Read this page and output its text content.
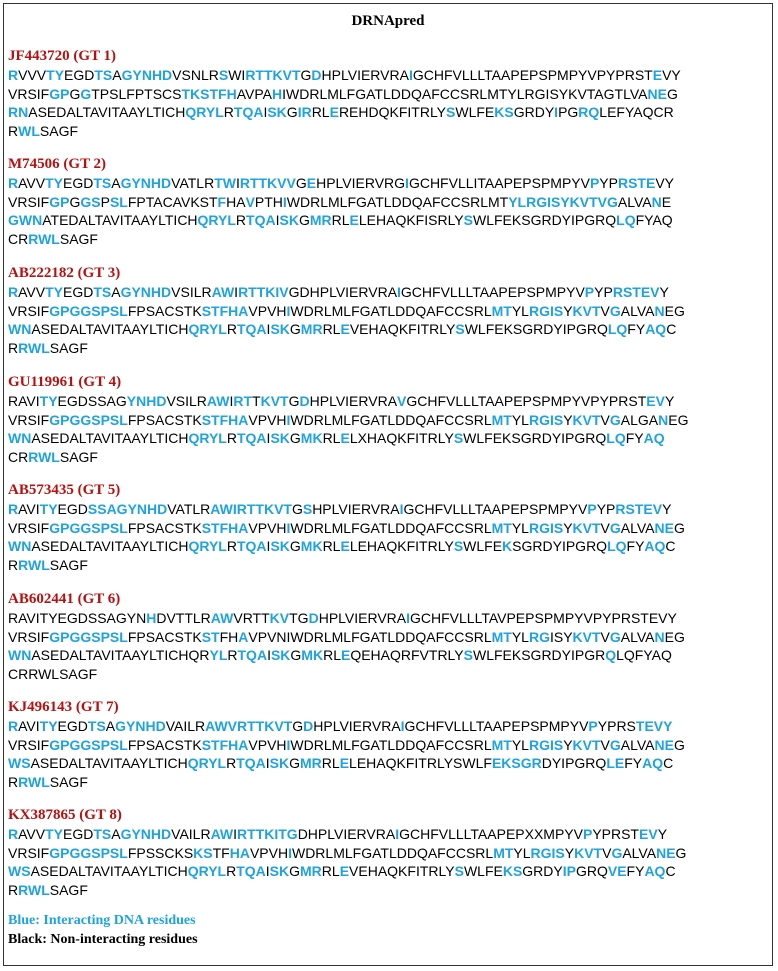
DRNApred
JF443720 (GT 1)
RVVVTYEGDTSAGYNHDVSNLRSWIRTTKVTGDHPLVIERVRAIGCHFVLLLTAAPEPSPMPYVPYPRSTEVY
VRSIFGPGGTPSLFPTSCSTKSTFHAVPAHIWDRLMLFGATLDDQAFCCSRLMTYLRGISYKVTAGTLVANEG
RNASEDALTAVITAAYLTICHQRYLRTQAISKGIRRLEREHDQKFITRLYSWLFEKSGRDYIPGRQLEFYAQCR
RWLSAGF
M74506 (GT 2)
RAVVTYEGDTSAGYNHDVATLRTWIRTTKVVGEHPLVIERVRGIGCHFVLLITAAPEPSPMPYVPYPRSTEVY
VRSIFGPGGSPSLFPTACAVKSTFHAVPTHIWDRLMLFGATLDDQAFCCSRLMTYLRGISYKVTVGALVANE
GWNATEDALTAVITAAYLTICHQRYLRTQAISKGMRRLELEHAQKFISRLYSWLFEKSGRDYIPGRQLQFYAQ
CRRWLSAGF
AB222182 (GT 3)
RAVVTYEGDTSAGYNHDVSILRAWIRTTKIVGDHPLVIERVRAIGCHFVLLLTAAPEPSPMPYVPYPRSTEVY
VRSIFGPGGSPSLFPSACSTKSTFHAVPVHIWDRLMLFGATLDDQAFCCSRLMTYLRGISYKVTVGALVANEG
WNASEDALTAVITAAYLTICHQRYLRTQAISKGMRRLEVEHAQKFITRLYSWLFEKSGRDYIPGRQLQFYAQC
RRWLSAGF
GU119961 (GT 4)
RAVITYEGDSSAGYNHDVSILRAWIRTTKVTGDHPLVIERVRAVGCHFVLLLTAAPEPSPMPYVPYPRSTEVY
VRSIFGPGGSPSLFPSACSTKSTFHAVPVHIWDRLMLFGATLDDQAFCCSRLMTYLRGISYKVTVGALGANEG
WNASEDALTAVITAAYLTICHQRYLRTQAISKGMKRLELXHAQKFITRLYSWLFEKSGRDYIPGRQLQFYAQ
CRRWLSAGF
AB573435 (GT 5)
RAVITYEGDSSAGYNHDVATLRAWIRTTKVTGSHPLVIERVRAIGCHFVLLLTAAPEPSPMPYVPYPRSTEVY
VRSIFGPGGSPSLFPSACSTKSTFHAVPVHIWDRLMLFGATLDDQAFCCSRLMTYLRGISYKVTVGALVANEG
WNASEDALTAVITAAYLTICHQRYLRTQAISKGMKRLELEHAQKFITRLYSWLFEKSGRDYIPGRQLQFYAQC
RRWLSAGF
AB602441 (GT 6)
RAVITYEGDSSAGYNHDVTTLRAWVRTTKVTGDHPLVIERVRAIGCHFVLLLTAVPEPSPMPYVPYPRSTEVY
VRSIFGPGGSPSLFPSACSTKSTFHAVPVNIWDRLMLFGATLDDQAFCCSRLMTYLRGISYKVTVGALVANEG
WNASEDALTAVITAAYLTICHQRYLRTQAISKGMKRLEQEHAQRFVTRLYSWLFEKSGRDYIPGRQLQFYAQ
CRRWLSAGF
KJ496143 (GT 7)
RAVITYEGDTSAGYNHDVAILRAWVRTTKVTGDHPLVIERVRAIGCHFVLLLTAAPEPSPMPYVPYPRSTEVY
VRSIFGPGGSPSLFPSACSTKSTFHAVPVHIWDRLMLFGATLDDQAFCCSRLMTYLRGISYKVTVGALVANEG
WSASEDALTAVITAAYLTICHQRYLRTQAISKGMRRLELEHAQKFITRLYSWLFEKSGRDYIPGRQLEFYAQC
RRWLSAGF
KX387865 (GT 8)
RAVVTYEGDTSAGYNHDVAILRAWIRTTKITGDHPLVIERVRAIGCHFVLLLTAAPEPXXMPYVPYPRSTEVY
VRSIFGPGGSPSLFPSSCKSKSTFHAVPVHIWDRLMLFGATLDDQAFCCSRLMTYLRGISYKVTVGALVANEG
WSASEDALTAVITAAYLTICHQRYLRTQAISKGMRRLEVEHAQKFITRLYSWLFEKSGRDYIPGRQVEFYAQC
RRWLSAGF
Blue: Interacting DNA residues
Black: Non-interacting residues
